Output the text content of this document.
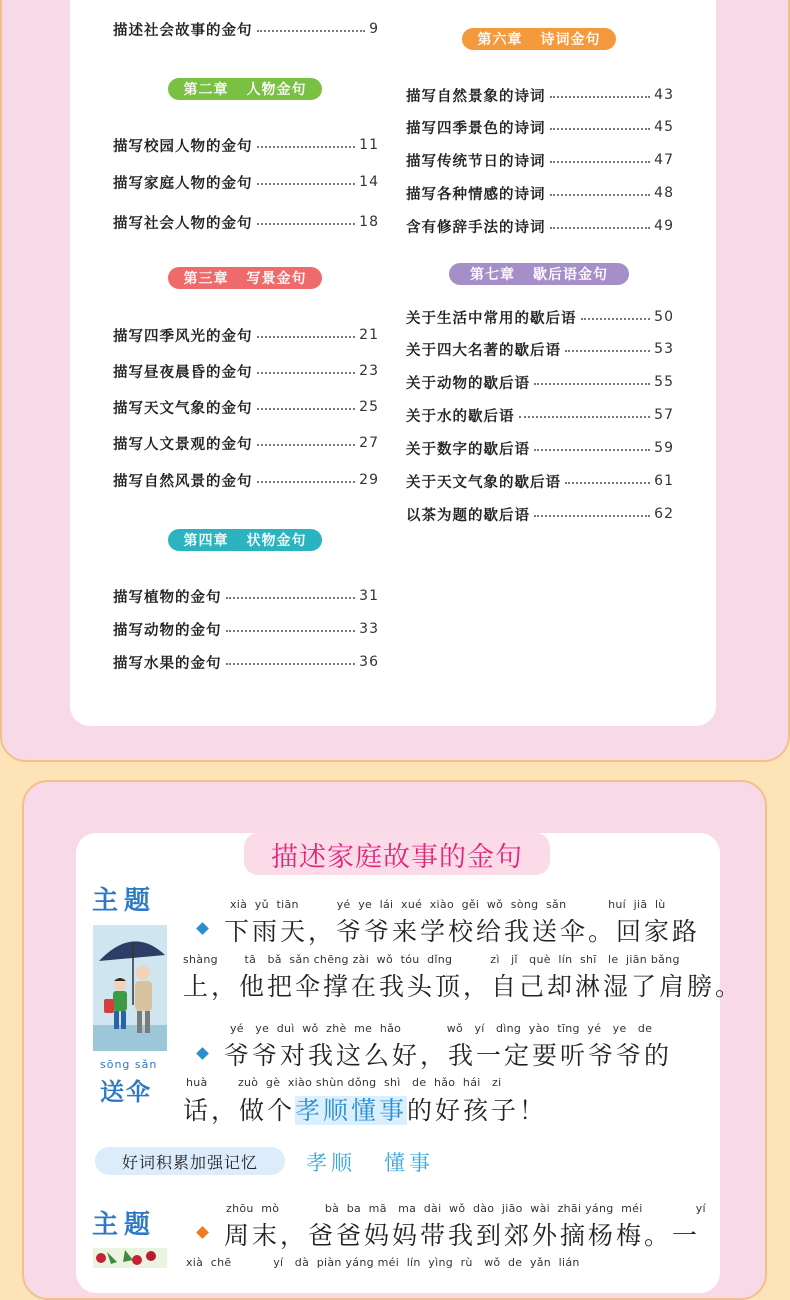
描述社会故事的金句	9
第二章 人物金句
描写校园人物的金句	11
描写家庭人物的金句	14
描写社会人物的金句	18
第三章 写景金句
描写四季风光的金句	21
描写昼夜晨昏的金句	23
描写天文气象的金句	25
描写人文景观的金句	27
描写自然风景的金句	29
第四章 状物金句
描写植物的金句	31
描写动物的金句	33
描写水果的金句	36
第六章 诗词金句
描写自然景象的诗词	43
描写四季景色的诗词	45
描写传统节日的诗词	47
描写各种情感的诗词	48
含有修辞手法的诗词	49
第七章 歇后语金句
关于生活中常用的歇后语	50
关于四大名著的歇后语	53
关于动物的歇后语	55
关于水的歇后语	57
关于数字的歇后语	59
关于天文气象的歇后语	61
以茶为题的歇后语	62
描述家庭故事的金句
主题
sōng sǎn
送伞
xià  yǔ  tiān          yé  ye  lái  xué  xiào  gěi  wǒ  sòng  sǎn           huí  jiā  lù
下雨天，爷爷来学校给我送伞。回家路
shàng       tā   bǎ  sǎn chēng zài  wǒ  tóu  dǐng          zì   jǐ   què  lín  shī   le  jiān bǎng
上，他把伞撑在我头顶，自己却淋湿了肩膀。
yé   ye  duì  wǒ  zhè  me  hǎo            wǒ   yí   dìng  yào  tīng  yé   ye   de
爷爷对我这么好，我一定要听爷爷的
huà        zuò  gè  xiào shùn dǒng  shì   de  hǎo  hái   zi
话，做个孝顺懂事的好孩子！
好词积累加强记忆	孝顺 懂事
主题
zhōu  mò            bà  ba  mā   ma  dài  wǒ  dào  jiāo  wài  zhāi yáng  méi              yí
周末，爸爸妈妈带我到郊外摘杨梅。一
xià  chē           yí   dà  piàn yáng méi  lín  yìng  rù   wǒ  de  yǎn  lián
